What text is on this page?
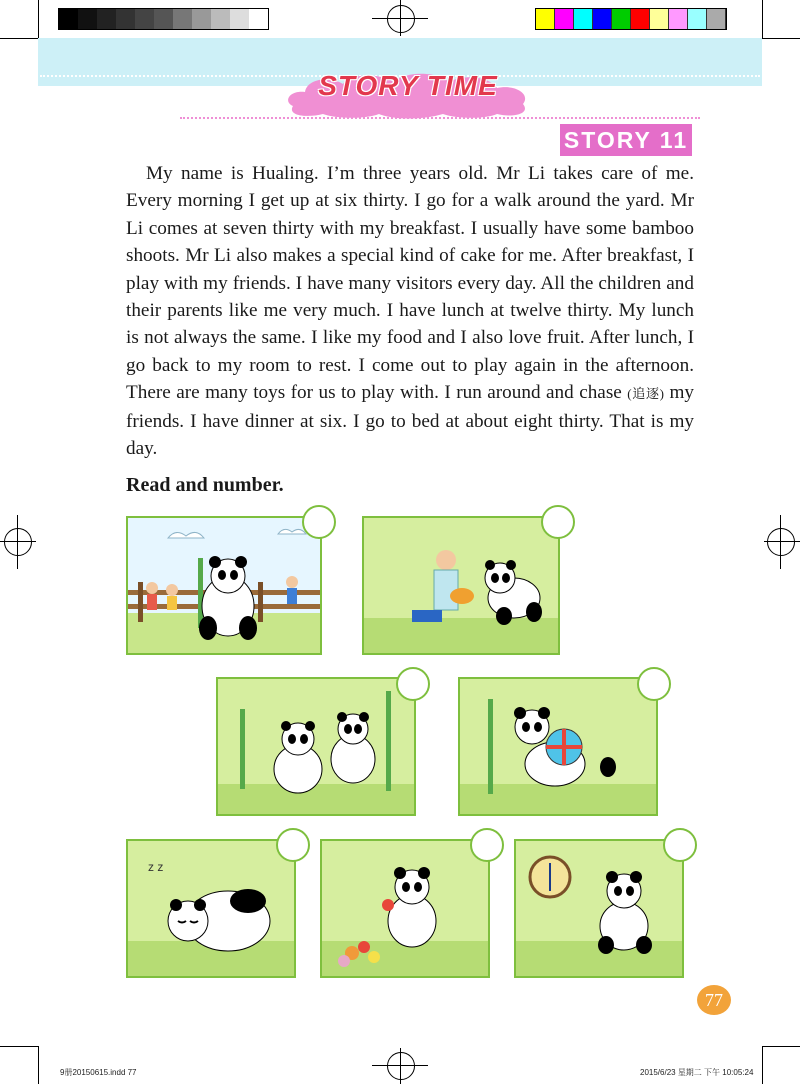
STORY TIME
STORY 11

My name is Hualing. I’m three years old. Mr Li takes care of me. Every morning I get up at six thirty. I go for a walk around the yard. Mr Li comes at seven thirty with my breakfast. I usually have some bamboo shoots. Mr Li also makes a special kind of cake for me. After breakfast, I play with my friends. I have many visitors every day. All the children and their parents like me very much. I have lunch at twelve thirty. My lunch is not always the same. I like my food and I also love fruit. After lunch, I go back to my room to rest. I come out to play again in the afternoon. There are many toys for us to play with. I run around and chase (追逐) my friends. I have dinner at six. I go to bed at about eight thirty. That is my day.

Read and number.
z z
77
9册20150615.indd 77	2015/6/23 星期二 下午 10:05:24
